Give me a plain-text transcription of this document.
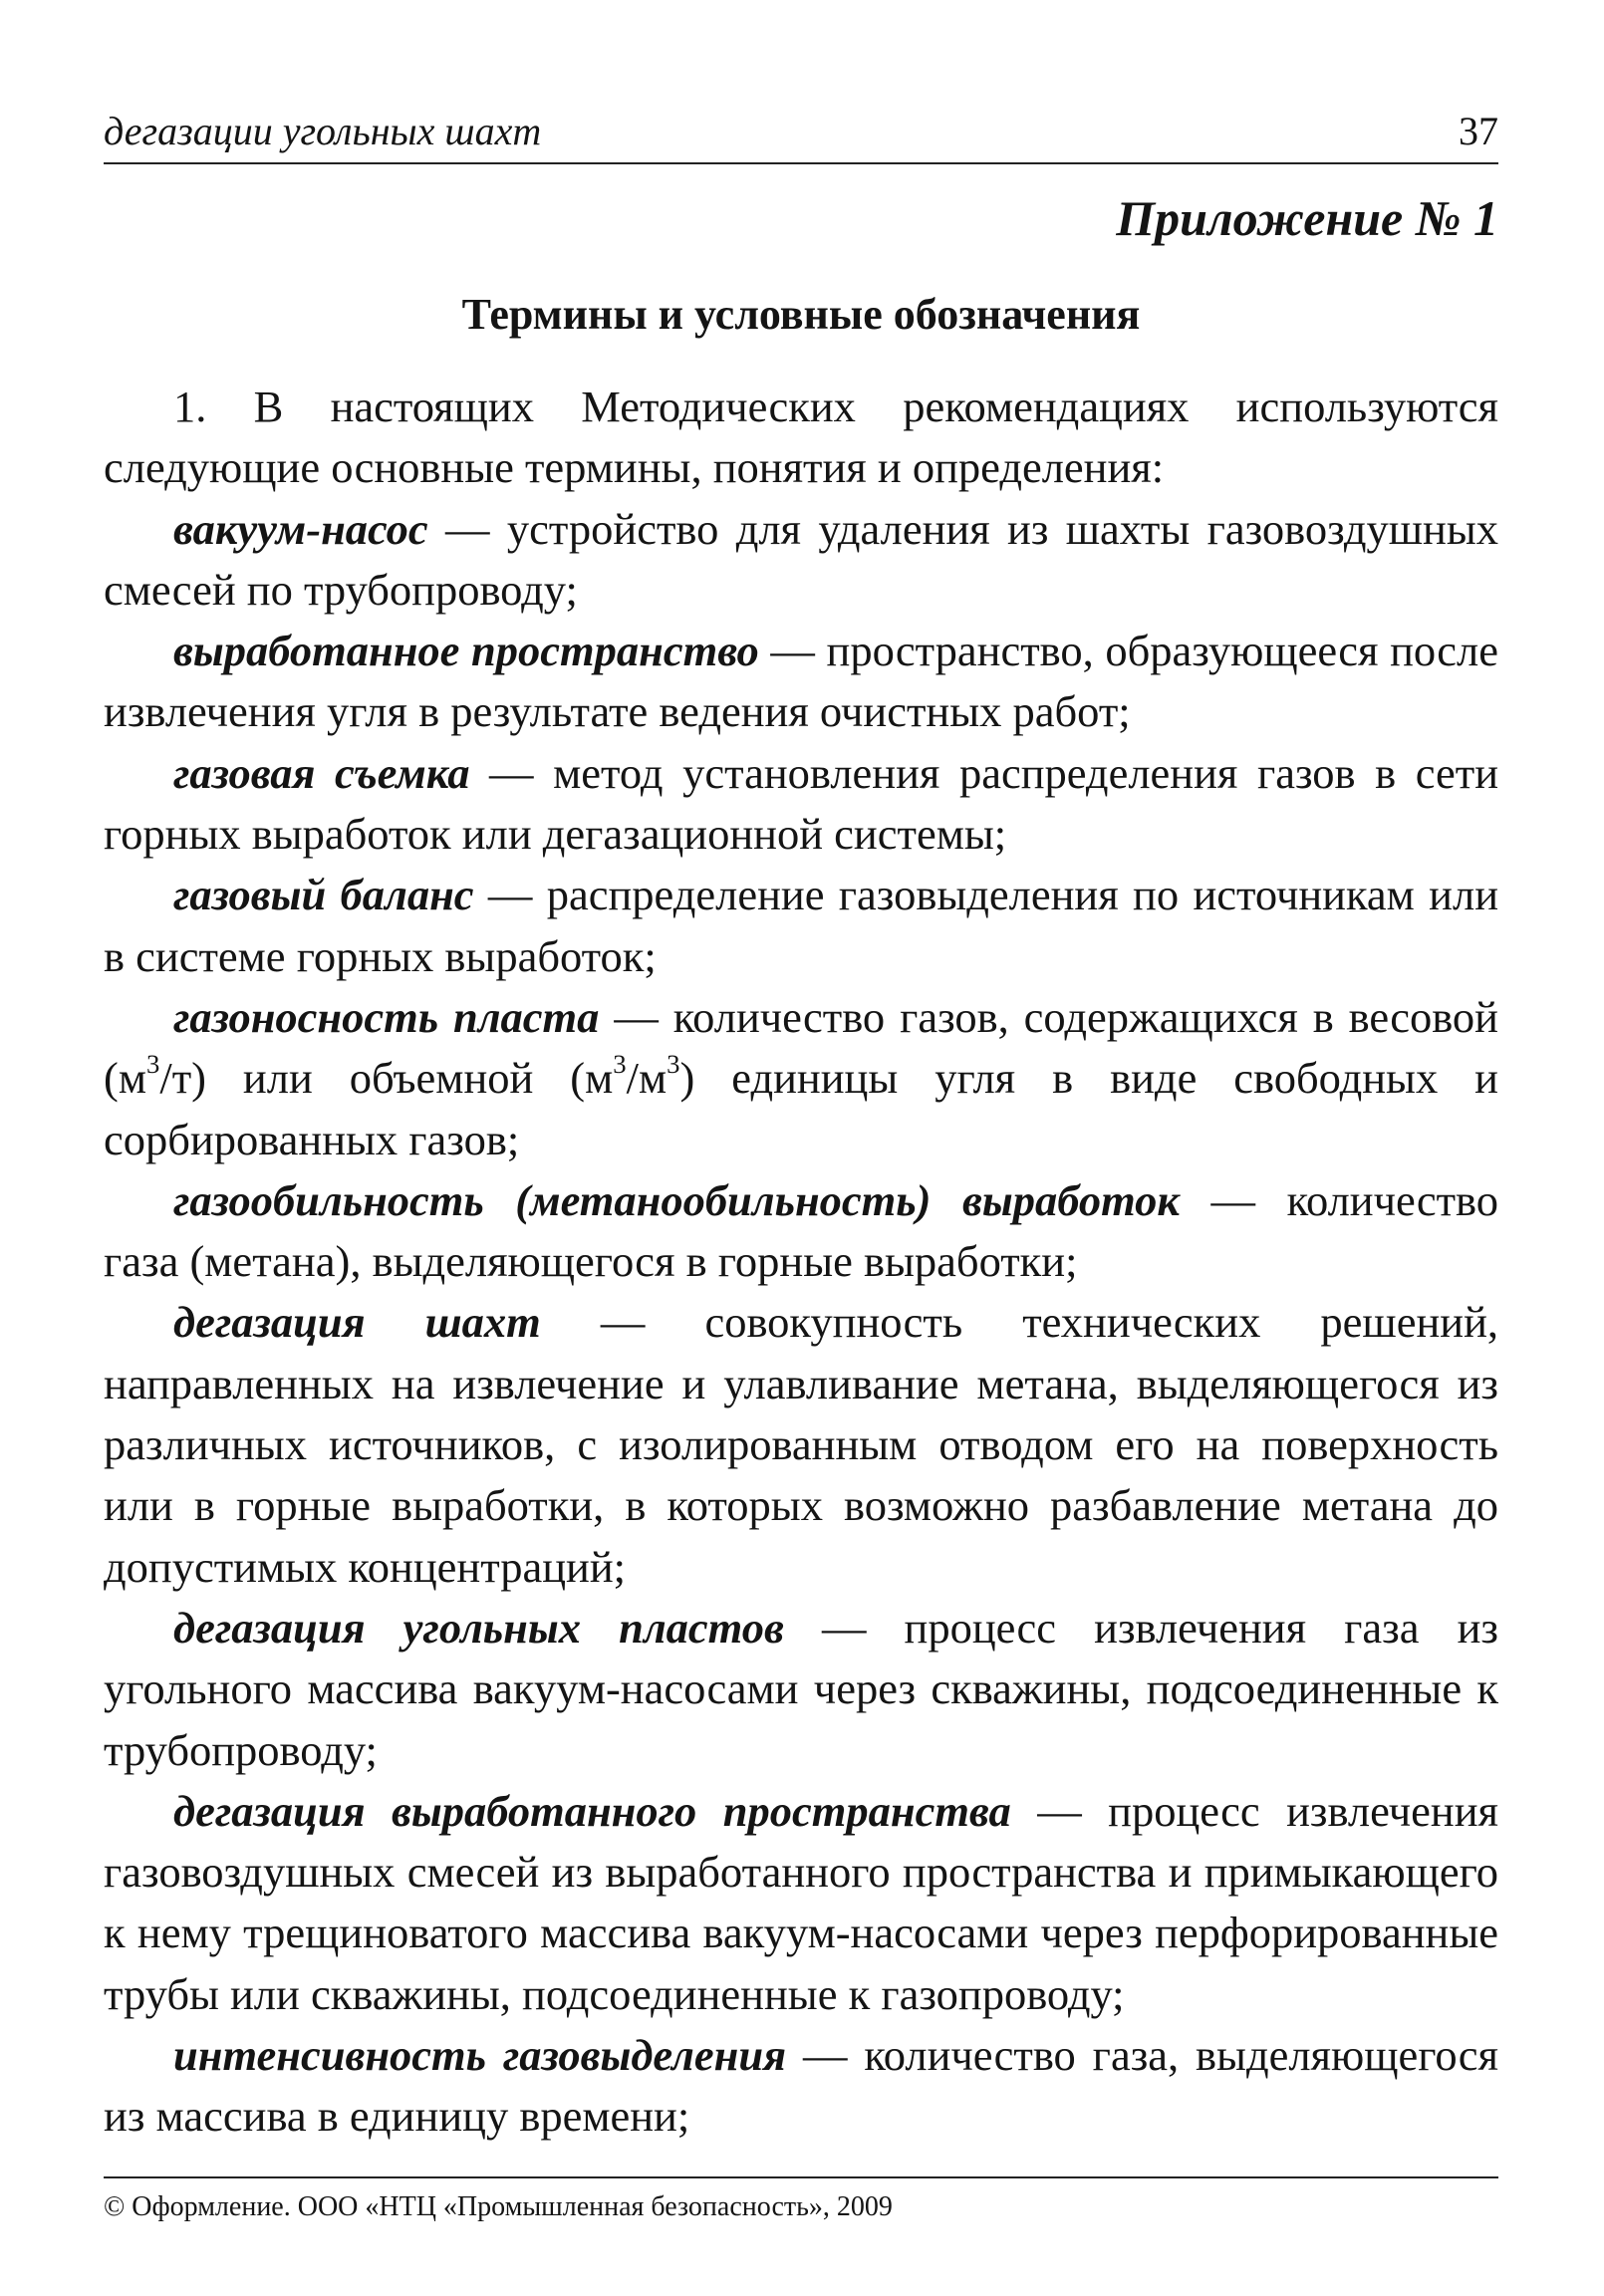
дегазации угольных шахт	37
Приложение № 1
Термины и условные обозначения

1. В настоящих Методических рекомендациях используются следующие основные термины, понятия и определения:

вакуум-насос — устройство для удаления из шахты газовоздушных смесей по трубопроводу;

выработанное пространство — пространство, образующееся после извлечения угля в результате ведения очистных работ;

газовая съемка — метод установления распределения газов в сети горных выработок или дегазационной системы;

газовый баланс — распределение газовыделения по источникам или в системе горных выработок;

газоносность пласта — количество газов, содержащихся в весовой $(м^3/т)$ или объемной $(м^3/м^3)$ единицы угля в виде свободных и сорбированных газов;

газообильность (метанообильность) выработок — количество газа (метана), выделяющегося в горные выработки;

дегазация шахт — совокупность технических решений, направленных на извлечение и улавливание метана, выделяющегося из различных источников, с изолированным отводом его на поверхность или в горные выработки, в которых возможно разбавление метана до допустимых концентраций;

дегазация угольных пластов — процесс извлечения газа из угольного массива вакуум-насосами через скважины, подсоединенные к трубопроводу;

дегазация выработанного пространства — процесс извлечения газовоздушных смесей из выработанного пространства и примыкающего к нему трещиноватого массива вакуум-насосами через перфорированные трубы или скважины, подсоединенные к газопроводу;

интенсивность газовыделения — количество газа, выделяющегося из массива в единицу времени;

© Оформление. ООО «НТЦ «Промышленная безопасность», 2009
